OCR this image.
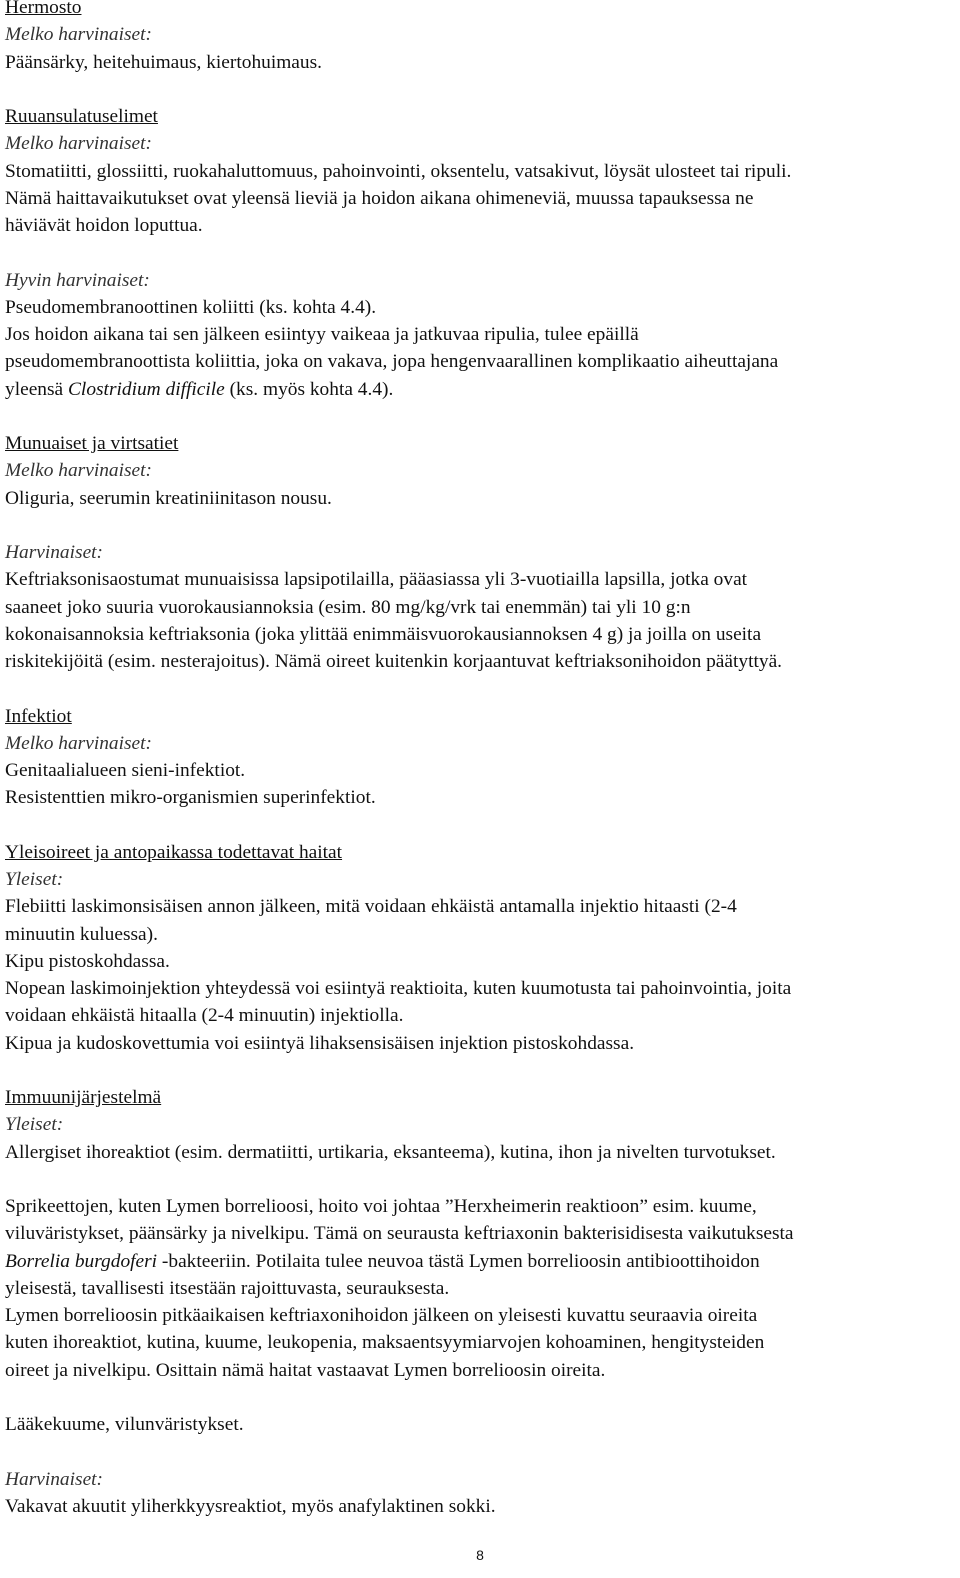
Hermosto
Melko harvinaiset:
Päänsärky, heitehuimaus, kiertohuimaus.
Ruuansulatuselimet
Melko harvinaiset:
Stomatiitti, glossiitti, ruokahaluttomuus, pahoinvointi, oksentelu, vatsakivut, löysät ulosteet tai ripuli.
Nämä haittavaikutukset ovat yleensä lieviä ja hoidon aikana ohimeneviä, muussa tapauksessa ne
häviävät hoidon loputtua.
Hyvin harvinaiset:
Pseudomembranoottinen koliitti (ks. kohta 4.4).
Jos hoidon aikana tai sen jälkeen esiintyy vaikeaa ja jatkuvaa ripulia, tulee epäillä
pseudomembranoottista koliittia, joka on vakava, jopa hengenvaarallinen komplikaatio aiheuttajana
yleensä Clostridium difficile (ks. myös kohta 4.4).
Munuaiset ja virtsatiet
Melko harvinaiset:
Oliguria, seerumin kreatiniinitason nousu.
Harvinaiset:
Keftriaksonisaostumat munuaisissa lapsipotilailla, pääasiassa yli 3-vuotiailla lapsilla, jotka ovat
saaneet joko suuria vuorokausiannoksia (esim. 80 mg/kg/vrk tai enemmän) tai yli 10 g:n
kokonaisannoksia keftriaksonia (joka ylittää enimmäisvuorokausiannoksen 4 g) ja joilla on useita
riskitekijöitä (esim. nesterajoitus). Nämä oireet kuitenkin korjaantuvat keftriaksonihoidon päätyttyä.
Infektiot
Melko harvinaiset:
Genitaalialueen sieni-infektiot.
Resistenttien mikro-organismien superinfektiot.
Yleisoireet ja antopaikassa todettavat haitat
Yleiset:
Flebiitti laskimonsisäisen annon jälkeen, mitä voidaan ehkäistä antamalla injektio hitaasti (2-4
minuutin kuluessa).
Kipu pistoskohdassa.
Nopean laskimoinjektion yhteydessä voi esiintyä reaktioita, kuten kuumotusta tai pahoinvointia, joita
voidaan ehkäistä hitaalla (2-4 minuutin) injektiolla.
Kipua ja kudoskovettumia voi esiintyä lihaksensisäisen injektion pistoskohdassa.
Immuunijärjestelmä
Yleiset:
Allergiset ihoreaktiot (esim. dermatiitti, urtikaria, eksanteema), kutina, ihon ja nivelten turvotukset.
Sprikeettojen, kuten Lymen borrelioosi, hoito voi johtaa ”Herxheimerin reaktioon” esim. kuume,
viluväristykset, päänsärky ja nivelkipu. Tämä on seurausta keftriaxonin bakterisidisesta vaikutuksesta
Borrelia burgdoferi -bakteeriin. Potilaita tulee neuvoa tästä Lymen borrelioosin antibioottihoidon
yleisestä, tavallisesti itsestään rajoittuvasta, seurauksesta.
Lymen borrelioosin pitkäaikaisen keftriaxonihoidon jälkeen on yleisesti kuvattu seuraavia oireita
kuten ihoreaktiot, kutina, kuume, leukopenia, maksaentsyymiarvojen kohoaminen, hengitysteiden
oireet ja nivelkipu. Osittain nämä haitat vastaavat Lymen borrelioosin oireita.
Lääkekuume, vilunväristykset.
Harvinaiset:
Vakavat akuutit yliherkkyysreaktiot, myös anafylaktinen sokki.
8
